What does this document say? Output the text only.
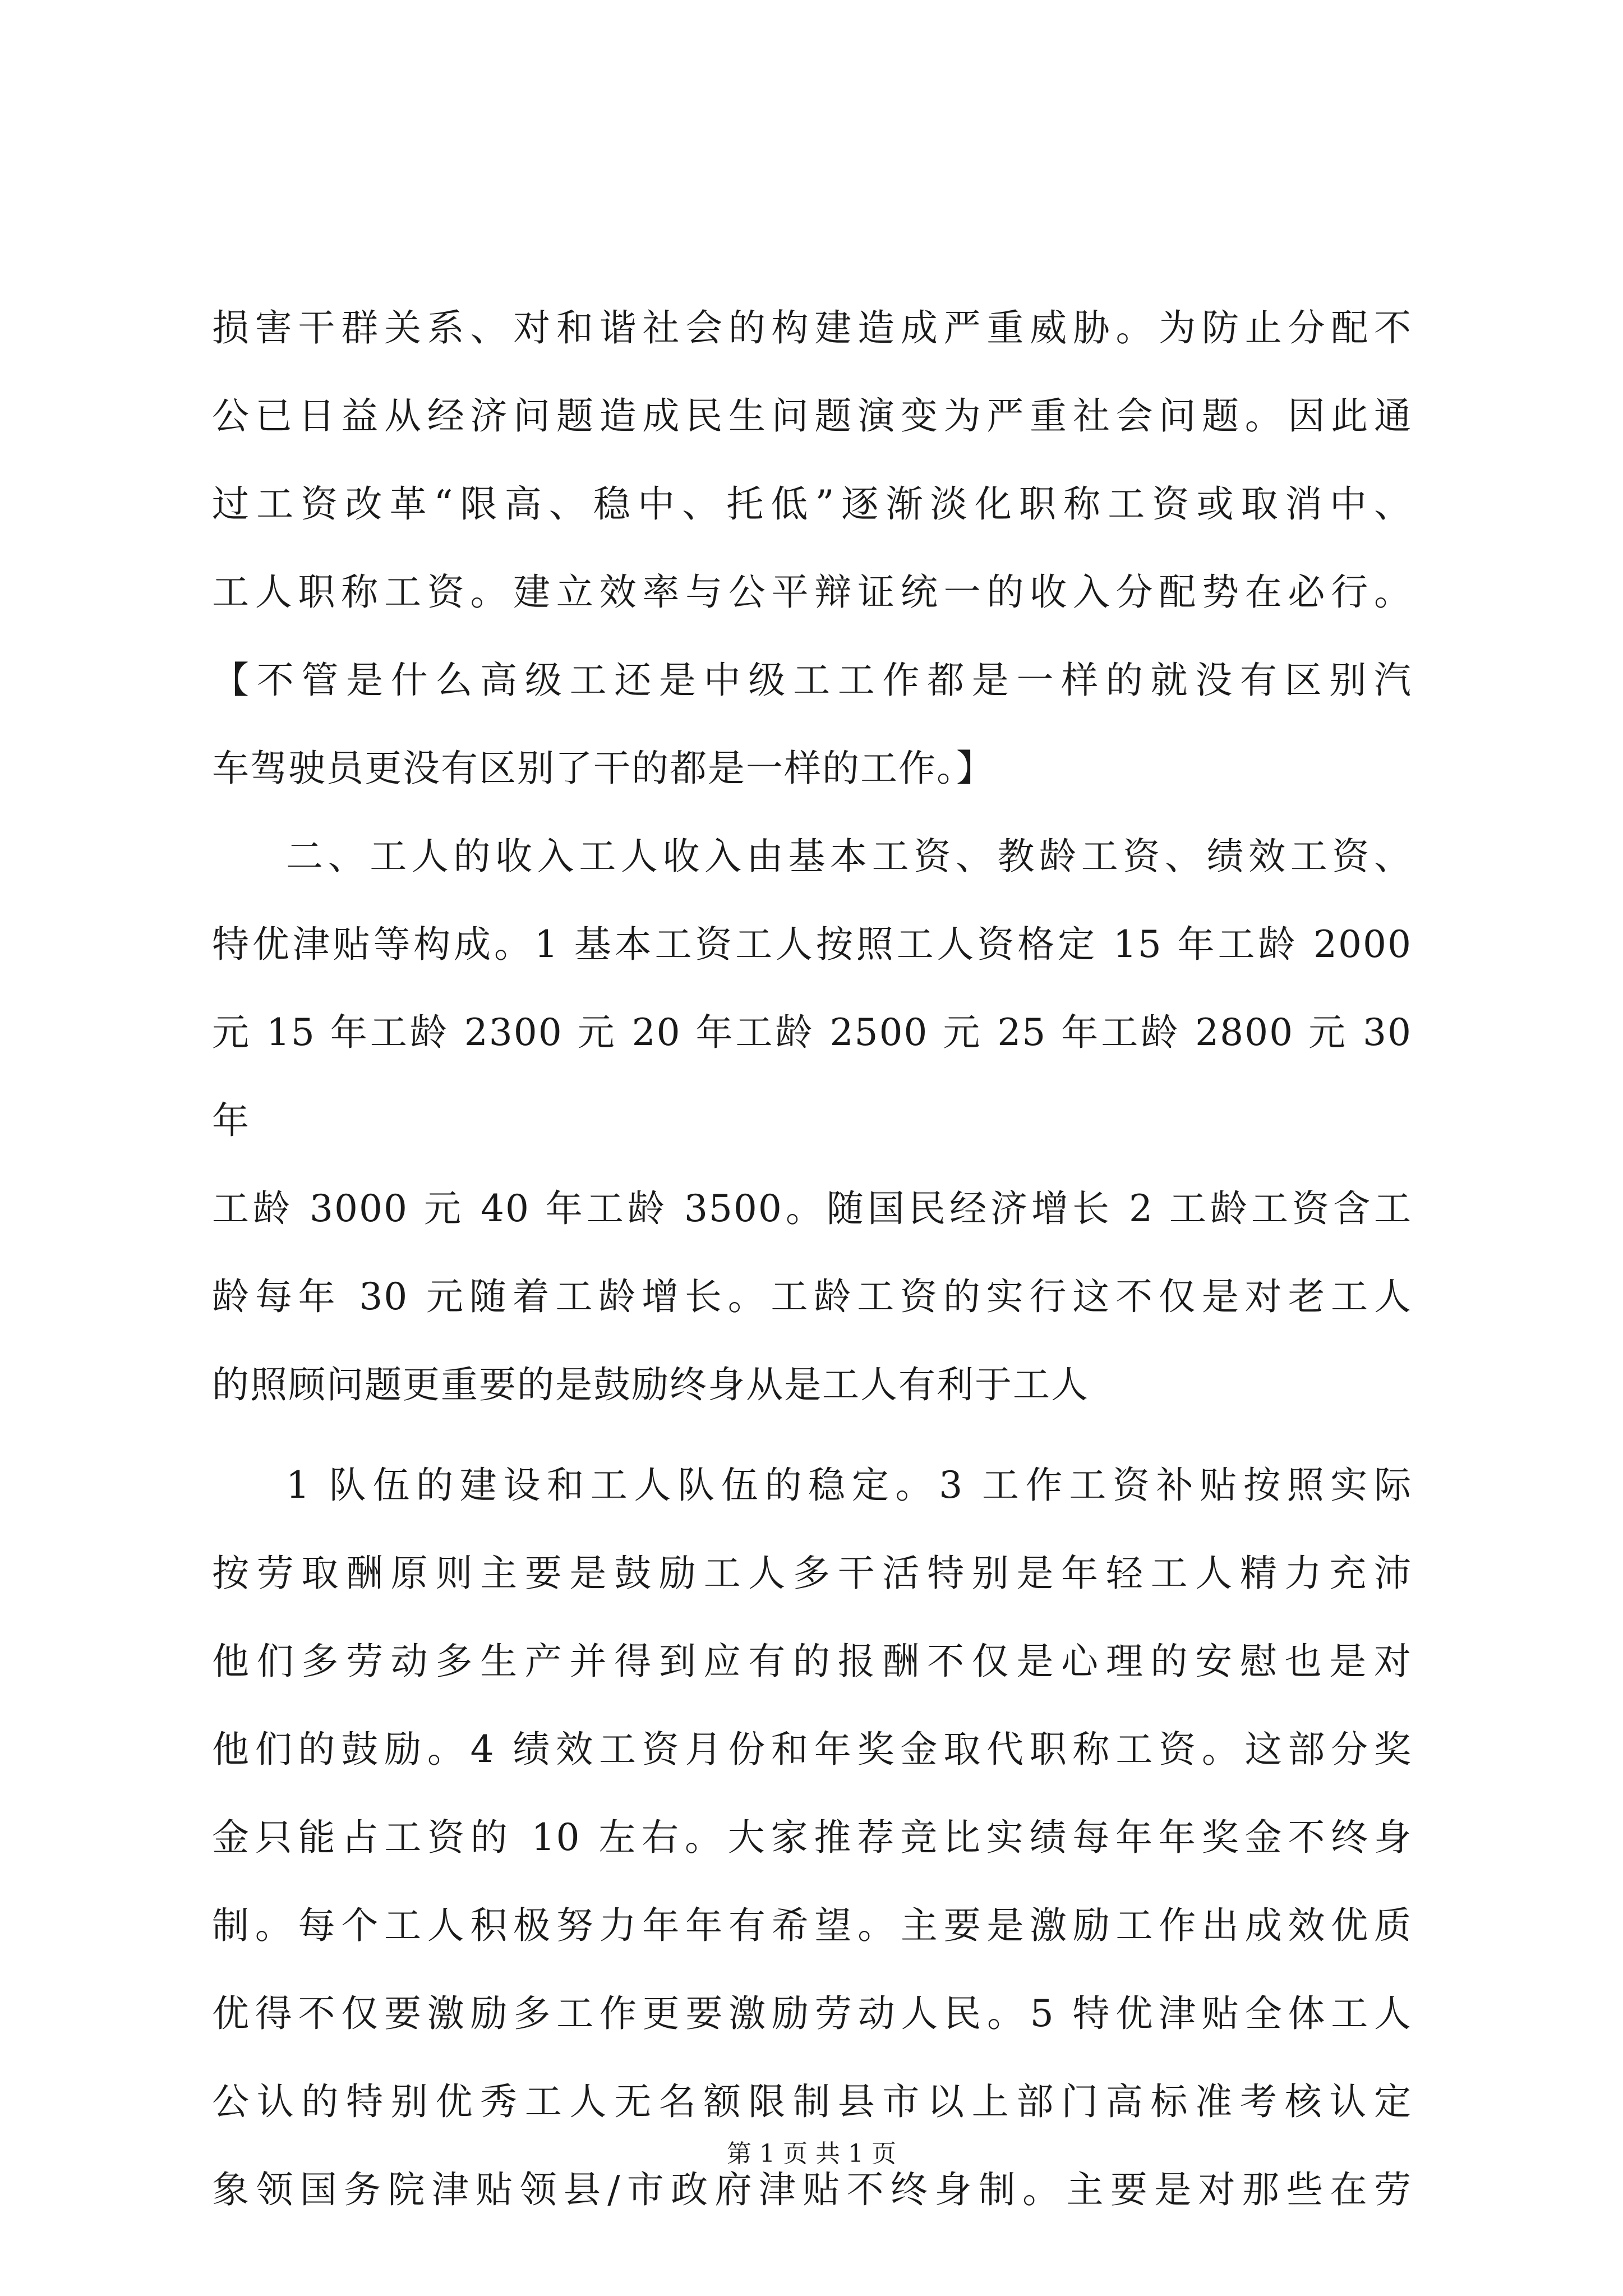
损害干群关系、对和谐社会的构建造成严重威胁。为防止分配不

公已日益从经济问题造成民生问题演变为严重社会问题。因此通

过工资改革“限高、稳中、托低”逐渐淡化职称工资或取消中、

工人职称工资。建立效率与公平辩证统一的收入分配势在必行。

【不管是什么高级工还是中级工工作都是一样的就没有区别汽

车驾驶员更没有区别了干的都是一样的工作。】

二、工人的收入工人收入由基本工资、教龄工资、绩效工资、

特优津贴等构成。1 基本工资工人按照工人资格定 15 年工龄 2000

元 15 年工龄 2300 元 20 年工龄 2500 元 25 年工龄 2800 元 30 年

工龄 3000 元 40 年工龄 3500。随国民经济增长 2 工龄工资含工

龄每年 30 元随着工龄增长。工龄工资的实行这不仅是对老工人

的照顾问题更重要的是鼓励终身从是工人有利于工人

1 队伍的建设和工人队伍的稳定。3 工作工资补贴按照实际

按劳取酬原则主要是鼓励工人多干活特别是年轻工人精力充沛

他们多劳动多生产并得到应有的报酬不仅是心理的安慰也是对

他们的鼓励。4 绩效工资月份和年奖金取代职称工资。这部分奖

金只能占工资的 10 左右。大家推荐竞比实绩每年年奖金不终身

制。每个工人积极努力年年有希望。主要是激励工作出成效优质

优得不仅要激励多工作更要激励劳动人民。5 特优津贴全体工人

公认的特别优秀工人无名额限制县市以上部门高标准考核认定

象领国务院津贴领县/市政府津贴不终身制。主要是对那些在劳

第 1 页 共 1 页
